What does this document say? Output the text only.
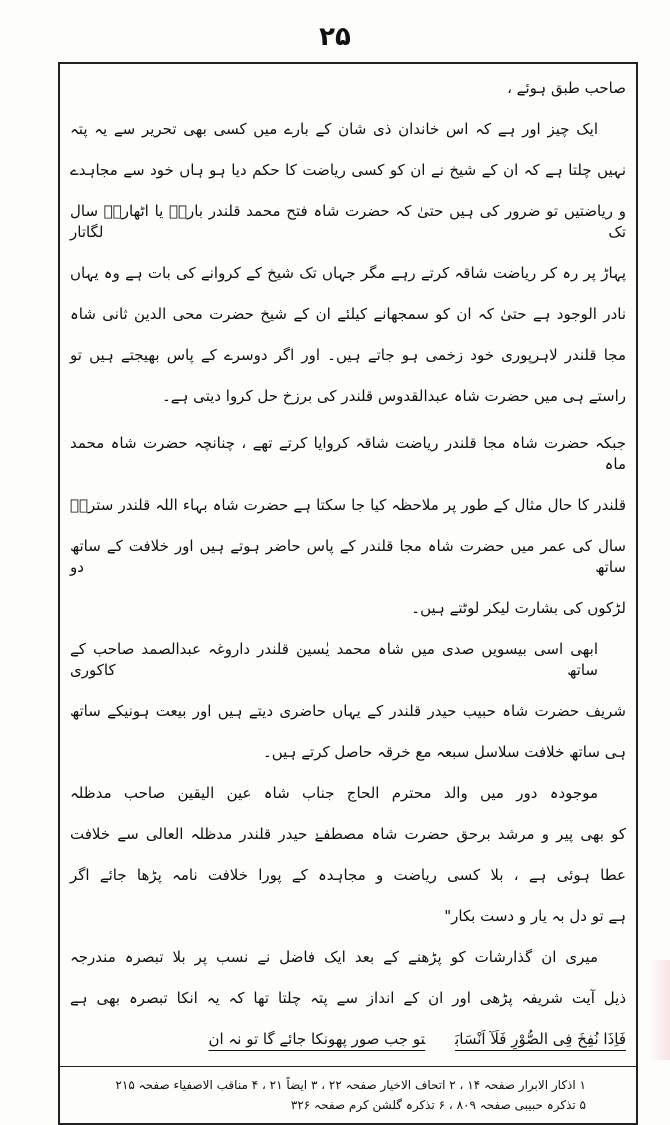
۲۵
صاحب طبق ہوئے ،
ایک چیز اور ہے کہ اس خاندان ذی شان کے بارے میں کسی بھی تحریر سے یہ پتہ
نہیں چلتا ہے کہ ان کے شیخ نے ان کو کسی ریاضت کا حکم دیا ہو ہاں خود سے مجاہدے
و ریاضتیں تو ضرور کی ہیں حتیٰ کہ حضرت شاہ فتح محمد قلندر بارہؒ یا اٹھارہؒ سال تک لگاتار
پہاڑ پر رہ کر ریاضت شاقہ کرتے رہے مگر جہاں تک شیخ کے کروانے کی بات ہے وہ یہاں
نادر الوجود ہے حتیٰ کہ ان کو سمجھانے کیلئے ان کے شیخ حضرت محی الدین ثانی شاہ
مجا قلندر لاہرپوری خود زخمی ہو جاتے ہیں۔ اور اگر دوسرے کے پاس بھیجتے ہیں تو
راستے ہی میں حضرت شاہ عبدالقدوس قلندر کی برزخ حل کروا دیتی ہے۔
جبکہ حضرت شاہ مجا قلندر ریاضت شاقہ کروایا کرتے تھے ، چنانچہ حضرت شاہ محمد ماہ
قلندر کا حال مثال کے طور پر ملاحظہ کیا جا سکتا ہے حضرت شاہ بہاء اللہ قلندر سترہؒ
سال کی عمر میں حضرت شاہ مجا قلندر کے پاس حاضر ہوتے ہیں اور خلافت کے ساتھ ساتھ دو
لڑکوں کی بشارت لیکر لوٹتے ہیں۔
ابھی اسی بیسویں صدی میں شاہ محمد یٰسین قلندر داروغہ عبدالصمد صاحب کے ساتھ کاکوری
شریف حضرت شاہ حبیب حیدر قلندر کے یہاں حاضری دیتے ہیں اور بیعت ہونیکے ساتھ
ہی ساتھ خلافت سلاسل سبعہ مع خرقہ حاصل کرتے ہیں۔
موجودہ دور میں والد محترم الحاج جناب شاہ عین الیقین صاحب مدظلہ
کو بھی پیر و مرشد برحق حضرت شاہ مصطفےٰ حیدر قلندر مدظلہ العالی سے خلافت
عطا ہوئی ہے ، بلا کسی ریاضت و مجاہدہ کے پورا خلافت نامہ پڑھا جائے اگر
ہے تو دل بہ یار و دست بکار"
میری ان گذارشات کو پڑھنے کے بعد ایک فاضل نے نسب پر بلا تبصرہ مندرجہ
ذیل آیت شریفہ پڑھی اور ان کے انداز سے پتہ چلتا تھا کہ یہ انکا تبصرہ بھی ہے
فَاِذَا نُفِخَ فِی الصُّوْرِ فَلَآ اَنْسَابَتو جب صور پھونکا جائے گا تو نہ ان
۱ اذکار الابرار صفحہ ۱۴ ، ۲ اتحاف الاخیار صفحہ ۲۲ ، ۳ ایضاً ۲۱ ، ۴ مناقب الاصفیاء صفحہ ۲۱۵
۵ تذکرہ حبیبی صفحہ ۸۰۹ ، ۶ تذکرہ گلشن کرم صفحہ ۳۲۶
